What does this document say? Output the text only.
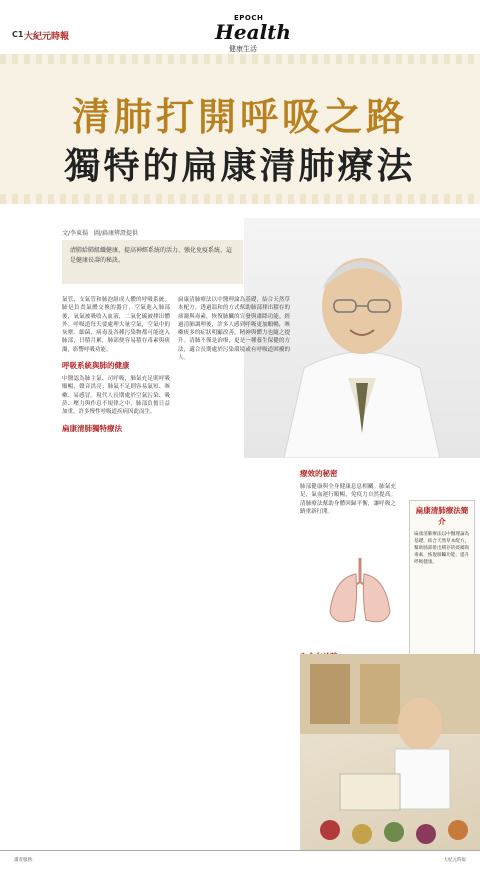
C1 大紀元時報
EPOCH
Health
健康生活
清肺打開呼吸之路
獨特的扁康清肺療法
文/李東揚　圖/扁康辨證提供
清肺給肺組織健康、提高神經系統的活力、強化免疫系統、這是健康長壽的秘訣。
氣管、支氣管和肺泡組成人體的呼吸系統。肺是負責氣體交換的器官，空氣進入肺部後，氧氣被吸收入血液，二氧化碳被排出體外。呼吸道每天要處理大量空氣，空氣中的灰塵、細菌、病毒及各種污染物都可能進入肺部，日積月累，肺部便容易積存毒素與痰濁，影響呼吸功能。
呼吸系統與肺的健康
中醫認為肺主氣、司呼吸，肺氣充足則呼吸順暢、聲音洪亮；肺氣不足則容易氣短、咳嗽、易感冒。現代人長期處於空氣污染、吸菸、壓力與作息不規律之中，肺部負擔日益加重，許多慢性呼吸道疾病因此而生。
扁康清肺獨特療法
扁康清肺療法以中醫理論為基礎，結合天然草本配方，透過溫和的方式幫助肺部排出積存的痰濁與毒素，恢復肺臟的宣發與肅降功能。經過清肺調理後，許多人感到呼吸更加順暢，咳嗽痰多的症狀明顯改善，精神與體力也隨之提升。清肺不僅是治療，更是一種養生保健的方法，適合長期處於污染環境或有呼吸道困擾的人。
療效的秘密
肺部健康與全身健康息息相關。肺氣充足，氣血運行順暢，免疫力自然提高。清肺療法幫助身體回歸平衡，讓呼吸之路重新打開。	扁康清肺療法簡介

扁康清肺療法以中醫理論為基礎，結合天然草本配方，幫助肺部排出積存的痰濁與毒素，恢復肺臟功能，提升呼吸健康。

讀者服務：	大紀元時報
